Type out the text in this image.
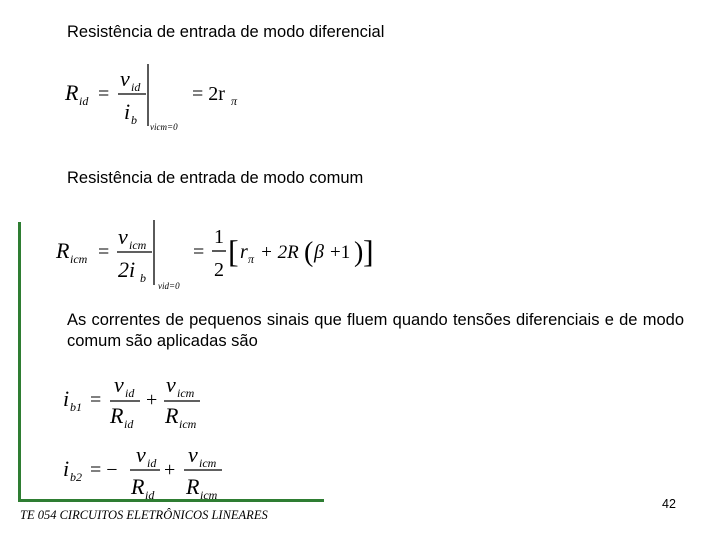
Resistência de entrada de modo diferencial
R id =
v id
i b vicm=0
= 2r π
Resistência de entrada de modo comum
R icm =
v icm
2i b
vid=0
=
1
2
[ r π + 2R ( β +1 ) ]
As correntes de pequenos sinais que fluem quando tensões diferenciais e de modo comum são aplicadas são
i b1 =
v id
R id
+
v icm
R icm
i b2 = −
v id
R id
+
v icm
R icm
TE 054 CIRCUITOS ELETRÔNICOS LINEARES
42
